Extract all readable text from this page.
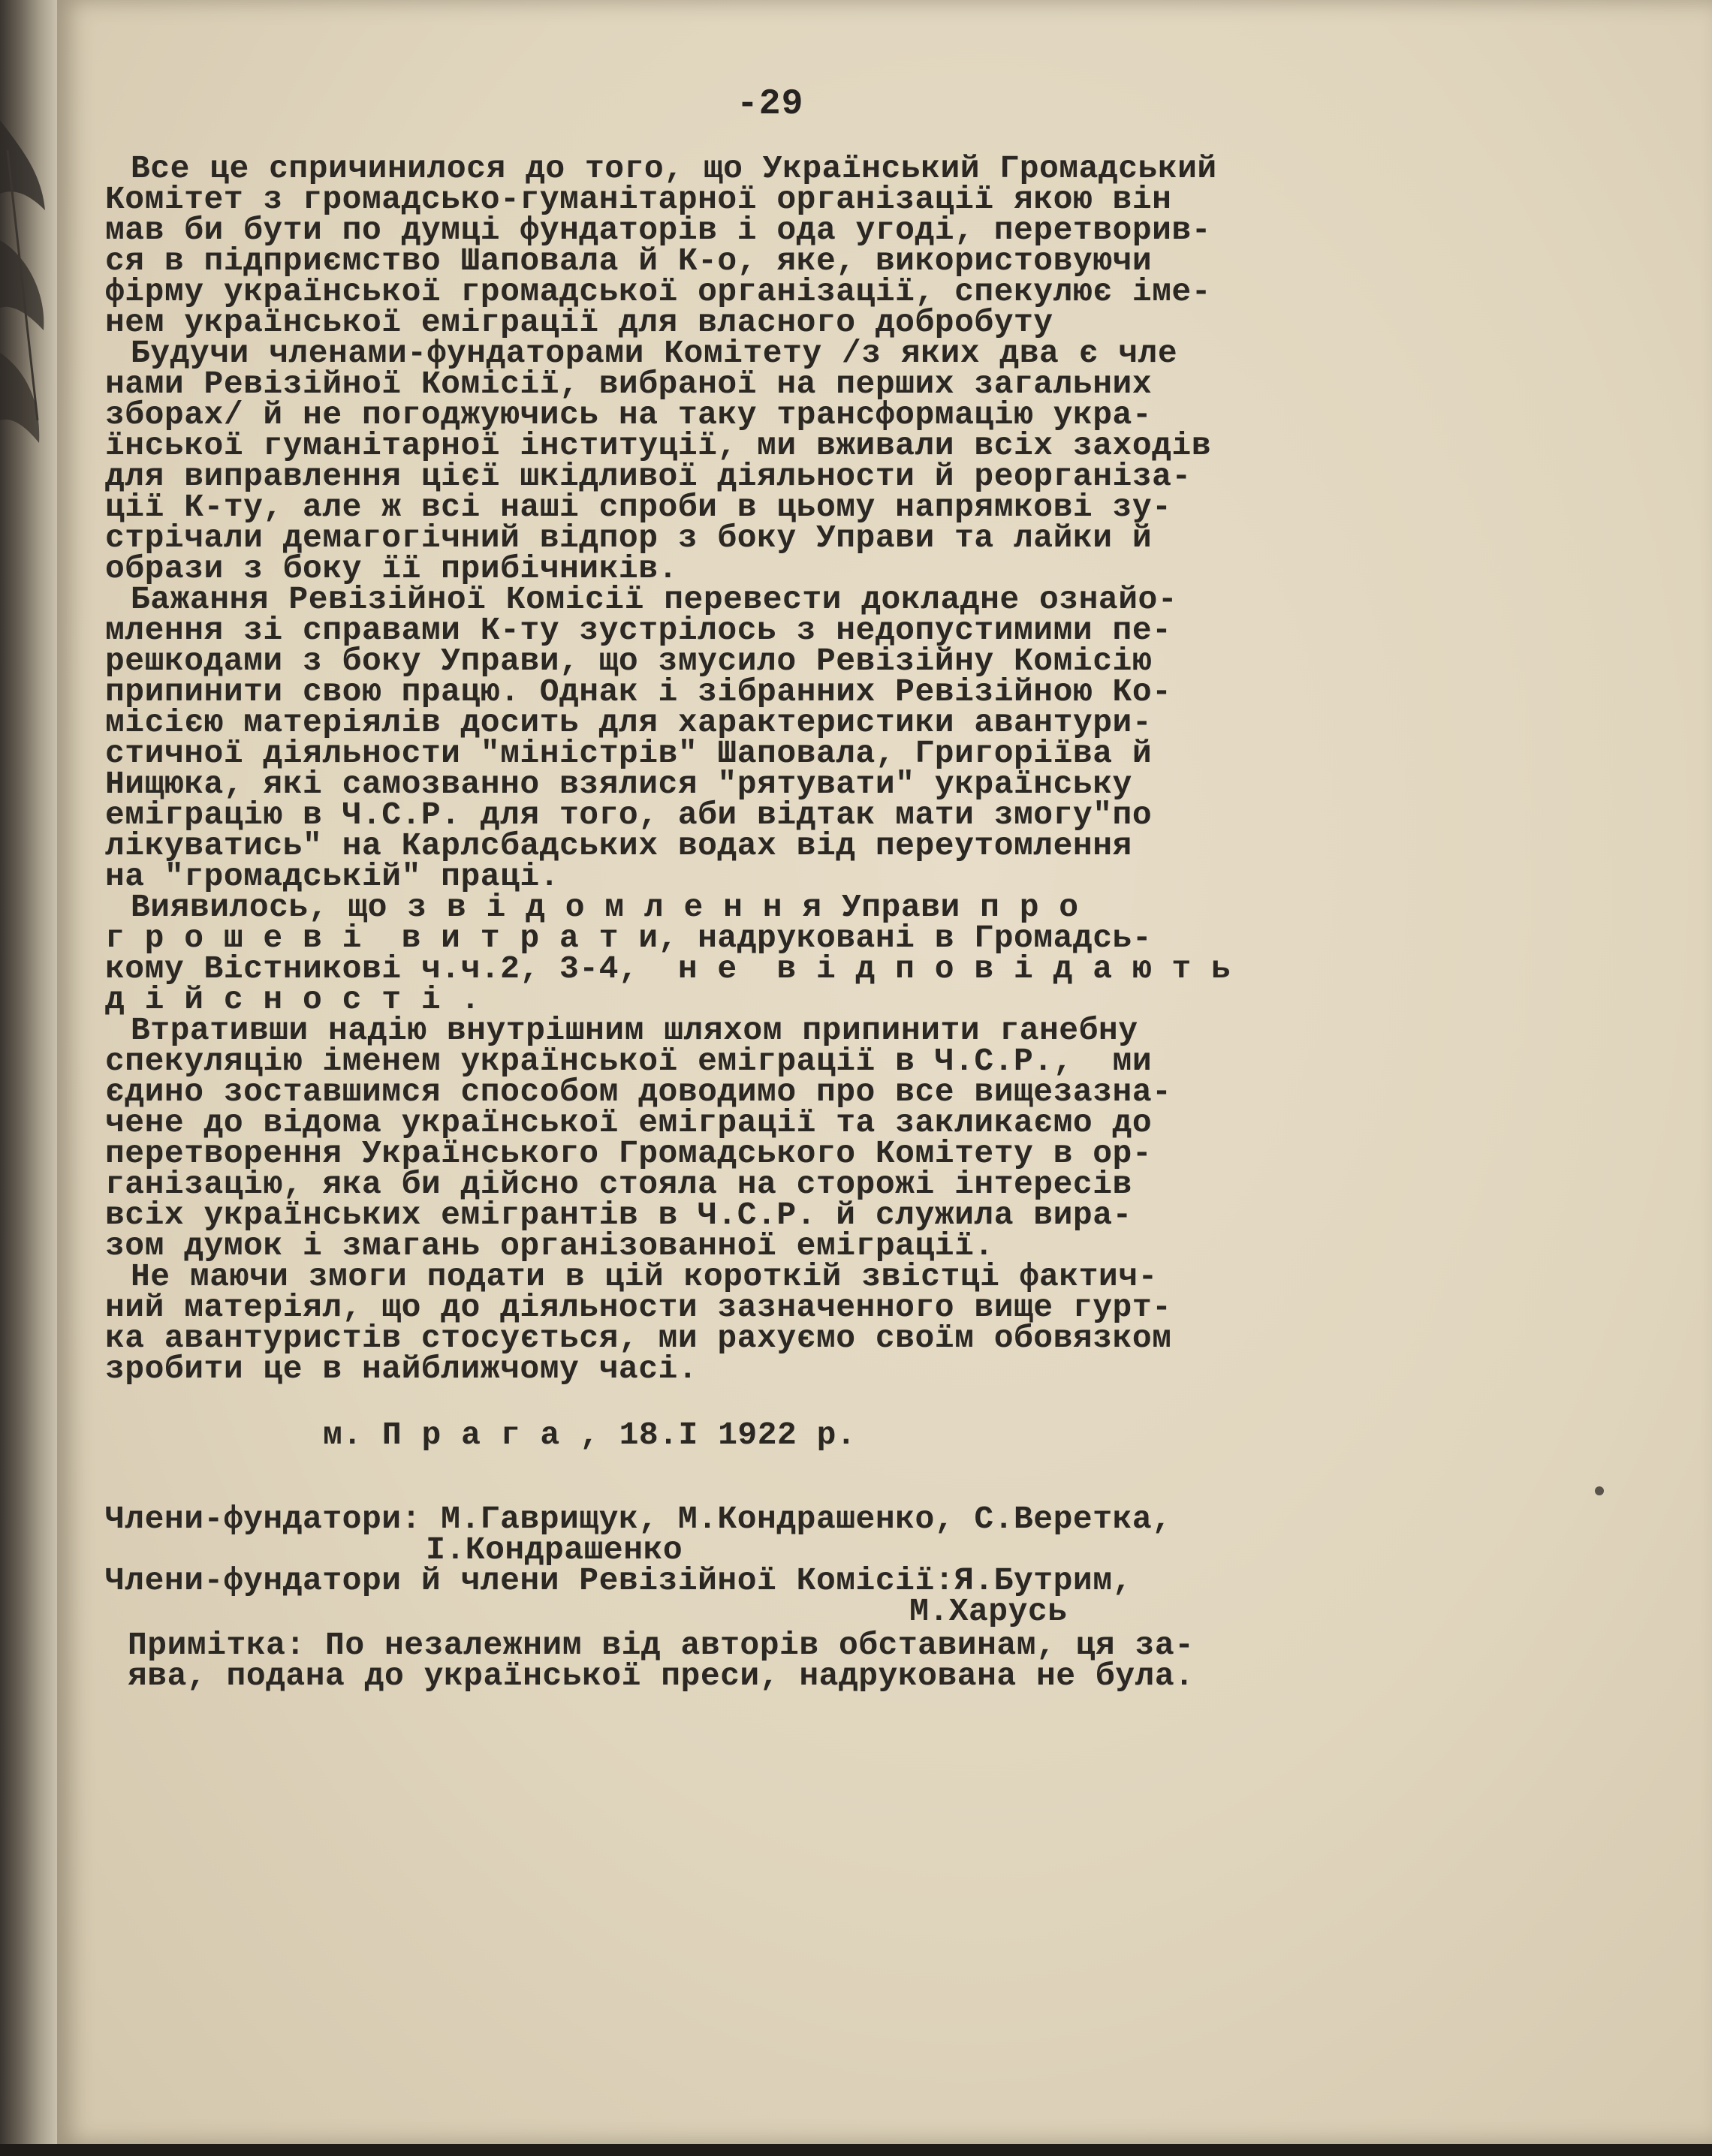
-29
Все це спричинилося до того, що Український Громадський
Комітет з громадсько-гуманітарної організації якою він
мав би бути по думці фундаторів і ода угоді, перетворив-
ся в підприємство Шаповала й К-о, яке, використовуючи
фірму української громадської організації, спекулює іме-
нем української еміграції для власного добробуту
Будучи членами-фундаторами Комітету /з яких два є чле
нами Ревізійної Комісії, вибраної на перших загальних
зборах/ й не погоджуючись на таку трансформацію укра-
їнської гуманітарної інституції, ми вживали всіх заходів
для виправлення цієї шкідливої діяльности й реорганіза-
ції К-ту, але ж всі наші спроби в цьому напрямкові зу-
стрічали демагогічний відпор з боку Управи та лайки й
образи з боку її прибічників.
Бажання Ревізійної Комісії перевести докладне ознайо-
млення зі справами К-ту зустрілось з недопустимими пе-
решкодами з боку Управи, що змусило Ревізійну Комісію
припинити свою працю. Однак і зібранних Ревізійною Ко-
місією матеріялів досить для характеристики авантури-
стичної діяльности "міністрів" Шаповала, Григоріїва й
Нищюка, які самозванно взялися "рятувати" українську
еміграцію в Ч.С.Р. для того, аби відтак мати змогу"по
лікуватись" на Карлсбадських водах від переутомлення
на "громадській" праці.
Виявилось, що з в і д о м л е н н я Управи п р о
г р о ш е в і  в и т р а т и, надруковані в Громадсь-
кому Вістникові ч.ч.2, 3-4,  н е  в і д п о в і д а ю т ь
д і й с н о с т і .
Втративши надію внутрішним шляхом припинити ганебну
спекуляцію іменем української еміграції в Ч.С.Р.,  ми
єдино зоставшимся способом доводимо про все вищезазна-
чене до відома української еміграції та закликаємо до
перетворення Українського Громадського Комітету в ор-
ганізацію, яка би дійсно стояла на сторожі інтересів
всіх українських емігрантів в Ч.С.Р. й служила вира-
зом думок і змагань організованної еміграції.
Не маючи змоги подати в цій короткій звістці фактич-
ний матеріял, що до діяльности зазначенного вище гурт-
ка авантуристів стосується, ми рахуємо своїм обовязком
зробити це в найближчому часі.
м. П р а г а , 18.I 1922 р.
Члени-фундатори: М.Гаврищук, М.Кондрашенко, С.Веретка,
I.Кондрашенко
Члени-фундатори й члени Ревізійної Комісії:Я.Бутрим,
М.Харусь
Примітка: По незалежним від авторів обставинам, ця за-
ява, подана до української преси, надрукована не була.
